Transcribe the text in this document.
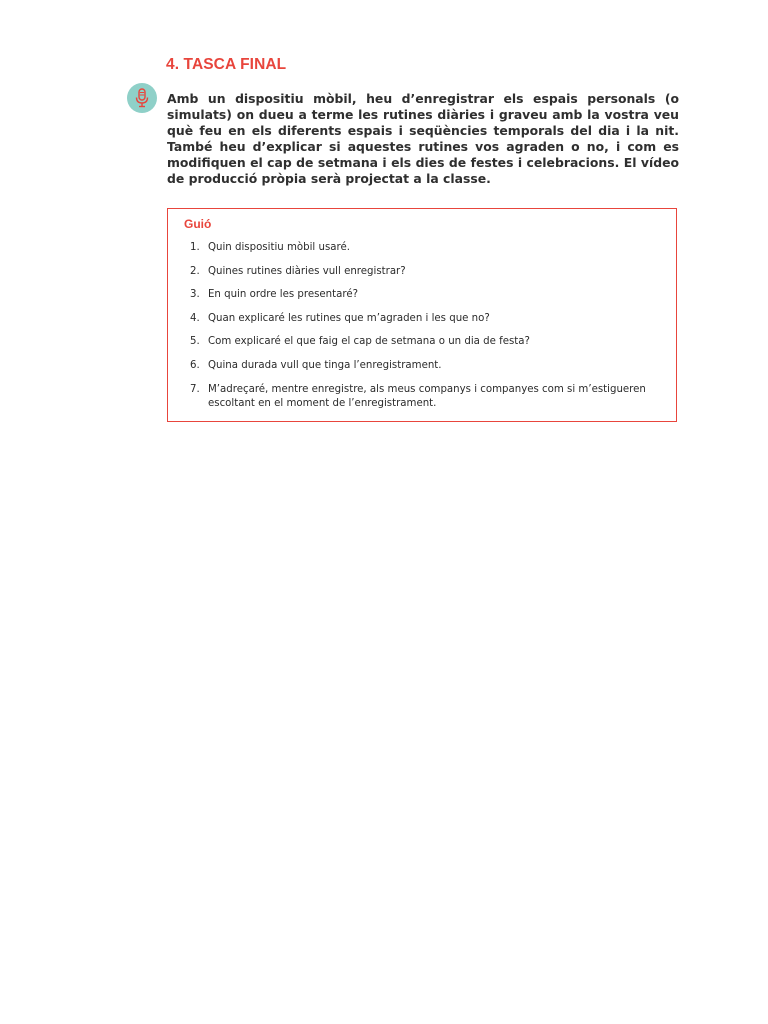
4. TASCA FINAL

Amb un dispositiu mòbil, heu d’enregistrar els espais personals (o simulats) on dueu a terme les rutines diàries i graveu amb la vostra veu què feu en els diferents espais i seqüències temporals del dia i la nit. També heu d’explicar si aquestes rutines vos agraden o no, i com es modifiquen el cap de setmana i els dies de festes i celebracions. El vídeo de producció pròpia serà projectat a la classe.

Guió
1. Quin dispositiu mòbil usaré.
2. Quines rutines diàries vull enregistrar?
3. En quin ordre les presentaré?
4. Quan explicaré les rutines que m’agraden i les que no?
5. Com explicaré el que faig el cap de setmana o un dia de festa?
6. Quina durada vull que tinga l’enregistrament.
7. M’adreçaré, mentre enregistre, als meus companys i companyes com si m’estigueren escoltant en el moment de l’enregistrament.
